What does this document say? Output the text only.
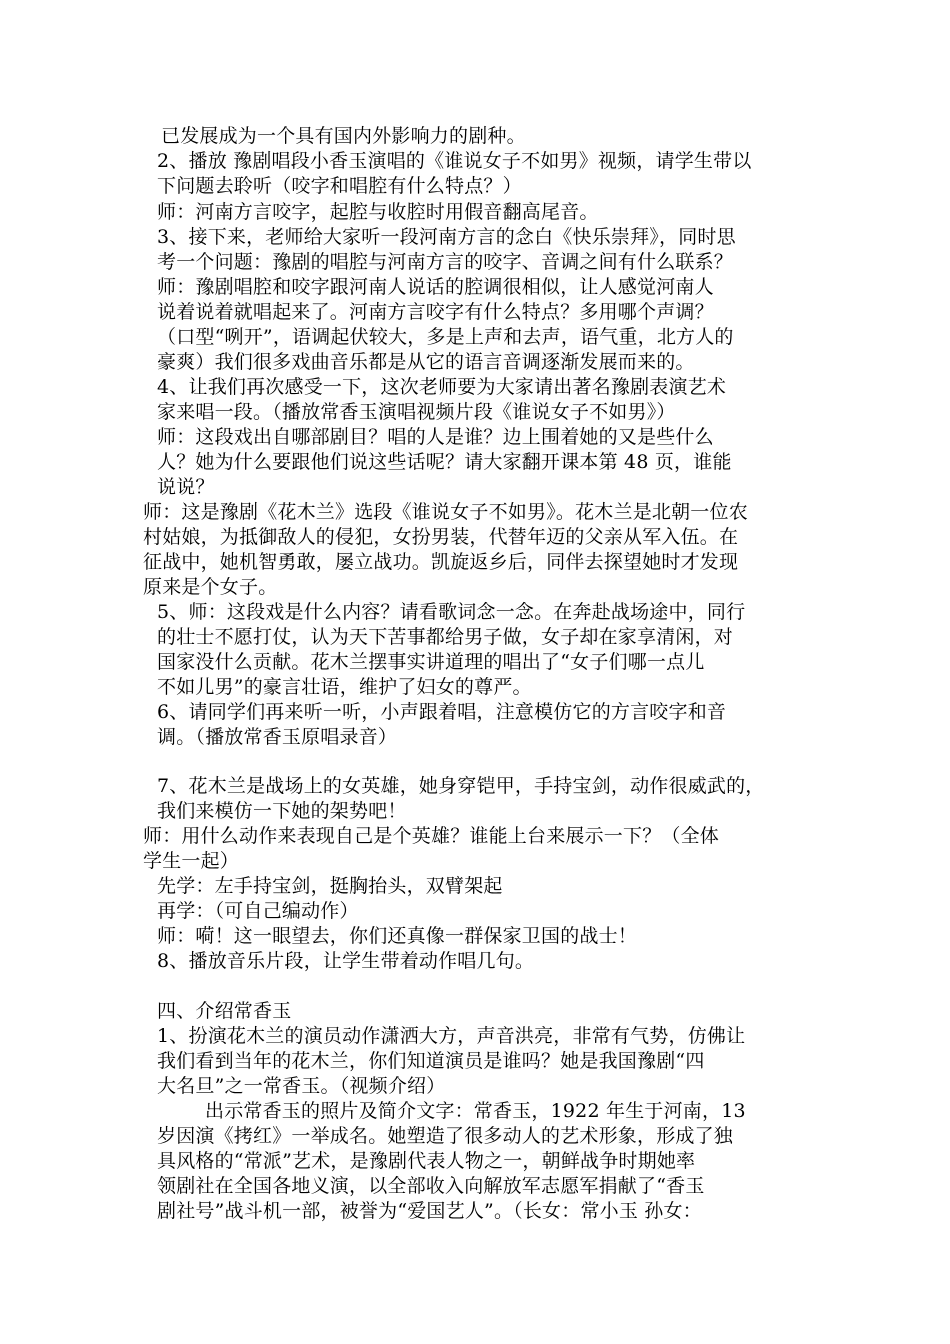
已发展成为一个具有国内外影响力的剧种。
2、播放 豫剧唱段小香玉演唱的《谁说女子不如男》视频，请学生带以
下问题去聆听（咬字和唱腔有什么特点？）
师：河南方言咬字，起腔与收腔时用假音翻高尾音。
3、接下来，老师给大家听一段河南方言的念白《快乐崇拜》，同时思
考一个问题：豫剧的唱腔与河南方言的咬字、音调之间有什么联系？
师：豫剧唱腔和咬字跟河南人说话的腔调很相似，让人感觉河南人
说着说着就唱起来了。河南方言咬字有什么特点？多用哪个声调？
（口型“咧开”，语调起伏较大，多是上声和去声，语气重，北方人的
豪爽）我们很多戏曲音乐都是从它的语言音调逐渐发展而来的。
4、让我们再次感受一下，这次老师要为大家请出著名豫剧表演艺术
家来唱一段。（播放常香玉演唱视频片段《谁说女子不如男》）
师：这段戏出自哪部剧目？唱的人是谁？边上围着她的又是些什么
人？她为什么要跟他们说这些话呢？请大家翻开课本第 48 页，谁能
说说？
师：这是豫剧《花木兰》选段《谁说女子不如男》。花木兰是北朝一位农
村姑娘，为抵御敌人的侵犯，女扮男装，代替年迈的父亲从军入伍。在
征战中，她机智勇敢，屡立战功。凯旋返乡后，同伴去探望她时才发现
原来是个女子。
5、师：这段戏是什么内容？请看歌词念一念。在奔赴战场途中，同行
的壮士不愿打仗，认为天下苦事都给男子做，女子却在家享清闲，对
国家没什么贡献。花木兰摆事实讲道理的唱出了“女子们哪一点儿
不如儿男”的豪言壮语，维护了妇女的尊严。
6、请同学们再来听一听，小声跟着唱，注意模仿它的方言咬字和音
调。（播放常香玉原唱录音）
7、花木兰是战场上的女英雄，她身穿铠甲，手持宝剑，动作很威武的，
我们来模仿一下她的架势吧！
师：用什么动作来表现自己是个英雄？谁能上台来展示一下？（全体
学生一起）
先学：左手持宝剑，挺胸抬头，双臂架起
再学：（可自己编动作）
师：嗬！这一眼望去，你们还真像一群保家卫国的战士！
8、播放音乐片段，让学生带着动作唱几句。
四、介绍常香玉
1、扮演花木兰的演员动作潇洒大方，声音洪亮，非常有气势，仿佛让
我们看到当年的花木兰，你们知道演员是谁吗？她是我国豫剧“四
大名旦”之一常香玉。（视频介绍）
出示常香玉的照片及简介文字：常香玉，1922 年生于河南，13
岁因演《拷红》一举成名。她塑造了很多动人的艺术形象，形成了独
具风格的“常派”艺术，是豫剧代表人物之一，朝鲜战争时期她率
领剧社在全国各地义演，以全部收入向解放军志愿军捐献了“香玉
剧社号”战斗机一部，被誉为“爱国艺人”。（长女：常小玉 孙女：
